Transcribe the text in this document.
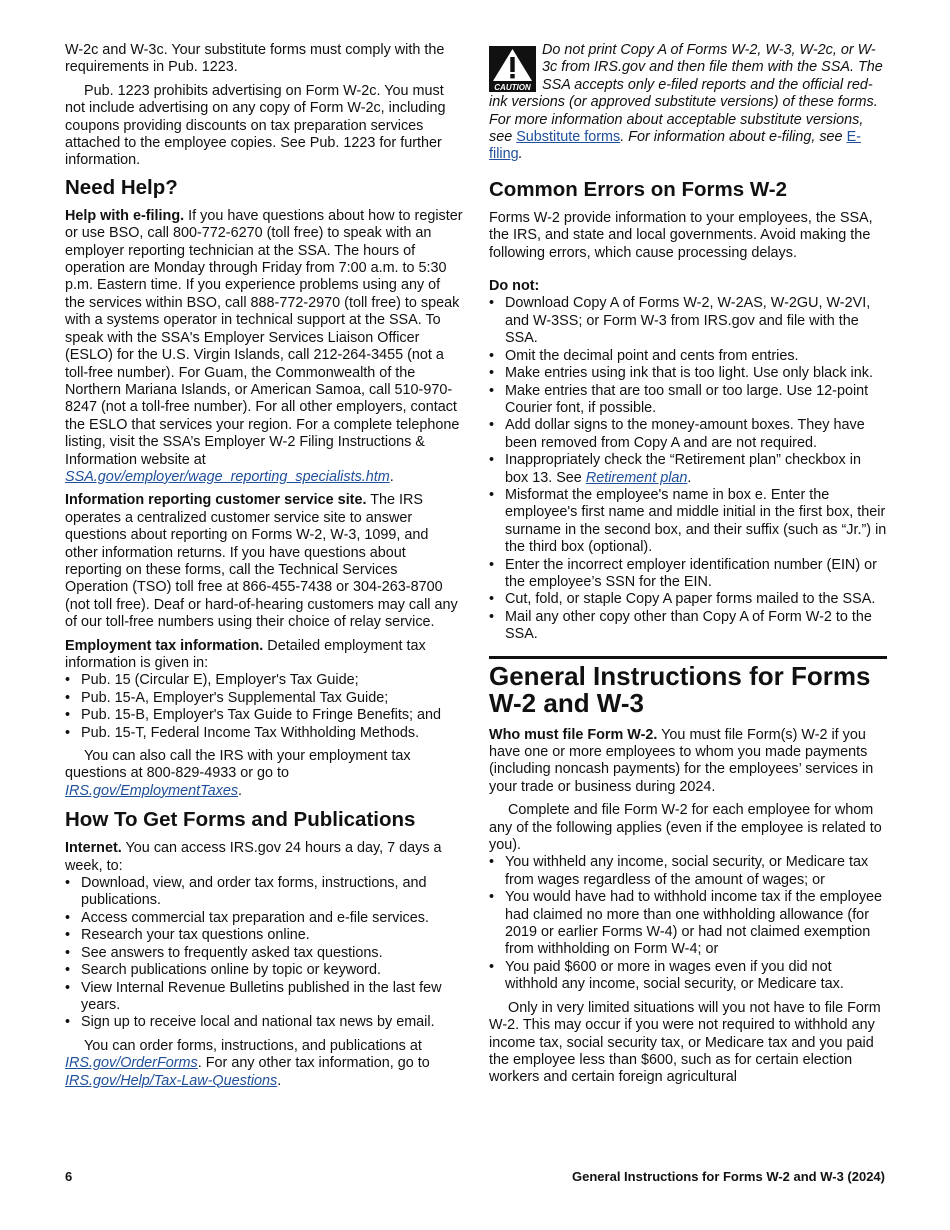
W-2c and W-3c. Your substitute forms must comply with the requirements in Pub. 1223.

Pub. 1223 prohibits advertising on Form W-2c. You must not include advertising on any copy of Form W-2c, including coupons providing discounts on tax preparation services attached to the employee copies. See Pub. 1223 for further information.

Need Help?

Help with e-filing. If you have questions about how to register or use BSO, call 800-772-6270 (toll free) to speak with an employer reporting technician at the SSA. The hours of operation are Monday through Friday from 7:00 a.m. to 5:30 p.m. Eastern time. If you experience problems using any of the services within BSO, call 888-772-2970 (toll free) to speak with a systems operator in technical support at the SSA. To speak with the SSA's Employer Services Liaison Officer (ESLO) for the U.S. Virgin Islands, call 212-264-3455 (not a toll-free number). For Guam, the Commonwealth of the Northern Mariana Islands, or American Samoa, call 510-970-8247 (not a toll-free number). For all other employers, contact the ESLO that services your region. For a complete telephone listing, visit the SSA’s Employer W-2 Filing Instructions & Information website at SSA.gov/employer/wage_reporting_specialists.htm.

Information reporting customer service site. The IRS operates a centralized customer service site to answer questions about reporting on Forms W-2, W-3, 1099, and other information returns. If you have questions about reporting on these forms, call the Technical Services Operation (TSO) toll free at 866-455-7438 or 304-263-8700 (not toll free). Deaf or hard-of-hearing customers may call any of our toll-free numbers using their choice of relay service.

Employment tax information. Detailed employment tax information is given in:

• Pub. 15 (Circular E), Employer's Tax Guide;
• Pub. 15-A, Employer's Supplemental Tax Guide;
• Pub. 15-B, Employer's Tax Guide to Fringe Benefits; and
• Pub. 15-T, Federal Income Tax Withholding Methods.

You can also call the IRS with your employment tax questions at 800-829-4933 or go to IRS.gov/EmploymentTaxes.

How To Get Forms and Publications

Internet. You can access IRS.gov 24 hours a day, 7 days a week, to:

• Download, view, and order tax forms, instructions, and publications.
• Access commercial tax preparation and e-file services.
• Research your tax questions online.
• See answers to frequently asked tax questions.
• Search publications online by topic or keyword.
• View Internal Revenue Bulletins published in the last few years.
• Sign up to receive local and national tax news by email.

You can order forms, instructions, and publications at IRS.gov/OrderForms. For any other tax information, go to IRS.gov/Help/Tax-Law-Questions.

CAUTION
Do not print Copy A of Forms W-2, W-3, W-2c, or W-3c from IRS.gov and then file them with the SSA. The SSA accepts only e-filed reports and the official red-ink versions (or approved substitute versions) of these forms. For more information about acceptable substitute versions, see Substitute forms. For information about e-filing, see E-filing.
Common Errors on Forms W-2

Forms W-2 provide information to your employees, the SSA, the IRS, and state and local governments. Avoid making the following errors, which cause processing delays.

Do not:

• Download Copy A of Forms W-2, W-2AS, W-2GU, W-2VI, and W-3SS; or Form W-3 from IRS.gov and file with the SSA.
• Omit the decimal point and cents from entries.
• Make entries using ink that is too light. Use only black ink.
• Make entries that are too small or too large. Use 12-point Courier font, if possible.
• Add dollar signs to the money-amount boxes. They have been removed from Copy A and are not required.
• Inappropriately check the “Retirement plan” checkbox in box 13. See Retirement plan.
• Misformat the employee's name in box e. Enter the employee's first name and middle initial in the first box, their surname in the second box, and their suffix (such as “Jr.”) in the third box (optional).
• Enter the incorrect employer identification number (EIN) or the employee’s SSN for the EIN.
• Cut, fold, or staple Copy A paper forms mailed to the SSA.
• Mail any other copy other than Copy A of Form W-2 to the SSA.
General Instructions for Forms W-2 and W-3

Who must file Form W-2. You must file Form(s) W-2 if you have one or more employees to whom you made payments (including noncash payments) for the employees’ services in your trade or business during 2024.

Complete and file Form W-2 for each employee for whom any of the following applies (even if the employee is related to you).

• You withheld any income, social security, or Medicare tax from wages regardless of the amount of wages; or
• You would have had to withhold income tax if the employee had claimed no more than one withholding allowance (for 2019 or earlier Forms W-4) or had not claimed exemption from withholding on Form W-4; or
• You paid $600 or more in wages even if you did not withhold any income, social security, or Medicare tax.

Only in very limited situations will you not have to file Form W-2. This may occur if you were not required to withhold any income tax, social security tax, or Medicare tax and you paid the employee less than $600, such as for certain election workers and certain foreign agricultural

6	General Instructions for Forms W-2 and W-3 (2024)
